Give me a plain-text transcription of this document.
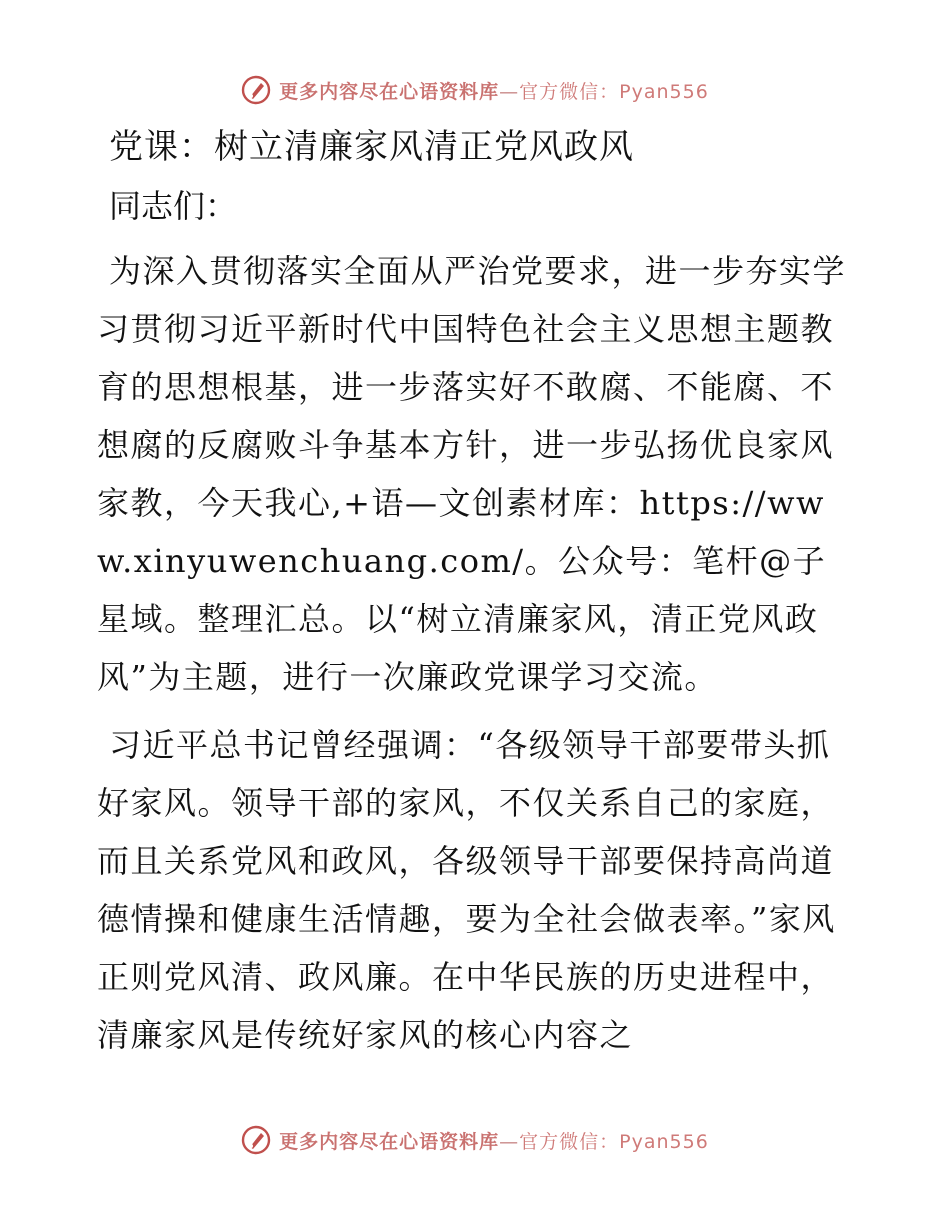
更多内容尽在心语资料库—官方微信：Pyan556
党课：树立清廉家风清正党风政风
同志们：

为深入贯彻落实全面从严治党要求，进一步夯实学习贯彻习近平新时代中国特色社会主义思想主题教育的思想根基，进一步落实好不敢腐、不能腐、不想腐的反腐败斗争基本方针，进一步弘扬优良家风家教，今天我心,+语—文创素材库：https://www.xinyuwenchuang.com/。公众号：笔杆@子星域。整理汇总。以“树立清廉家风，清正党风政风”为主题，进行一次廉政党课学习交流。

习近平总书记曾经强调：“各级领导干部要带头抓好家风。领导干部的家风，不仅关系自己的家庭，而且关系党风和政风，各级领导干部要保持高尚道德情操和健康生活情趣，要为全社会做表率。”家风正则党风清、政风廉。在中华民族的历史进程中，清廉家风是传统好家风的核心内容之

更多内容尽在心语资料库—官方微信：Pyan556
